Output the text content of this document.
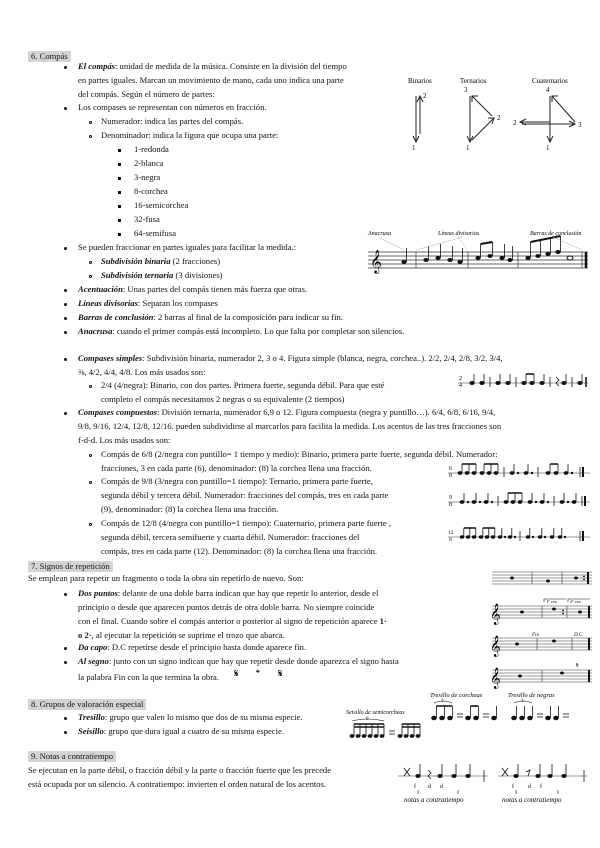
6. Compás
El compás: unidad de medida de la música. Consiste en la división del tiempo
en partes iguales. Marcan un movimiento de mano, cada uno indica una parte
del compás. Según el número de partes:
Los compases se representan con números en fracción.
Numerador: indica las partes del compás.
Denominador: indica la figura que ocupa una parte:
1-redonda
2-blanca
3-negra
8-corchea
16-semicorchea
32-fusa
64-semifusa
Se pueden fraccionar en partes iguales para facilitar la medida.:
Subdivisión binaria (2 fracciones)
Subdivisión ternaria (3 divisiones)
Acentuación: Unas partes del compás tienen más fuerza que otras.
Líneas divisorias: Separan los compases
Barras de conclusión: 2 barras al final de la composición para indicar su fin.
Anacrusa: cuando el primer compás está incompleto. Lo que falta por completar son silencios.
Compases simples: Subdivisión binaria, numerador 2, 3 o 4. Figura simple (blanca, negra, corchea..). 2/2, 2/4, 2/8, 3/2, 3/4,
⅜, 4/2, 4/4, 4/8. Los más usados son:
2/4 (4/negra): Binario, con dos partes. Primera fuerte, segunda débil. Para que esté
completo el compás necesitamos 2 negras o su equivalente (2 tiempos)
Compases compuestos: División ternaria, numerador 6,9 o 12. Figura compuesta (negra y puntillo…). 6/4, 6/8, 6/16, 9/4,
9/8, 9/16, 12/4, 12/8, 12/16. pueden subdividirse al marcarlos para facilita la medida. Los acentos de las tres fracciones son
f-d-d. Los más usados son:
Compás de 6/8 (2/negra con puntillo= 1 tiempo y medio): Binario, primera parte fuerte, segunda débil. Numerador:
fracciones, 3 en cada parte (6), denominador: (8) la corchea llena una fracción.
Compás de 9/8 (3/negra con puntillo=1 tiempo): Ternario, primera parte fuerte,
segunda débil y tercera débil. Numerador: fracciones del compás, tres en cada parte
(9), denominador: (8) la corchea llena una fracción.
Compás de 12/8 (4/negra con puntillo=1 tiempo): Cuaternario, primera parte fuerte ,
segunda débil, tercera semifuerte y cuarta débil. Numerador: fracciones del
compás, tres en cada parte (12). Denominador: (8) la corchea llena una fracción.
Binarios	Ternarios	Cuaternarios
2
1
3
2
1
4
2	3
1
Anacrusa	Líneas divisorias	Barras de conclusión
𝄞
2
4
6
8
9
8
12
8
7. Signos de repetición
Se emplean para repetir un fragmento o toda la obra sin repetirlo de nuevo. Son:
Dos puntos: delante de una doble barra indican que hay que repetir lo anterior, desde el
principio o desde que aparecen puntos detrás de otra doble barra. No siempre coincide
con el final. Cuando sobre el compás anterior o posterior al signo de repetición aparece 1·
o 2·, al ejecutar la repetición se suprime el trozo que abarca.
Da capo: D.C repetirse desde el principio hasta donde aparece fin.
Al segno: junto con un signo indican que hay que repetir desde donde aparezca el signo hasta
la palabra Fin con la que termina la obra. 𝄋 𝄌 𝄋
𝄞
𝄞
𝄞
1ª vez	2ª vez
Fin	D.C.
𝄋
8. Grupos de valoración especial
Tresillo: grupo que valen lo mismo que dos de su misma especie.
Seisillo: grupo que dura igual a cuatro de su misma especie.
Tresillo de corcheas	Tresillo de negras
Seisillo de semicorcheas
3	3
6
9. Notas a contratiempo
Se ejecutan en la parte débil, o fracción débil y la parte o fracción fuerte que les precede
está ocupada por un silencio. A contratiempo: invierten el orden natural de los acentos.	f d d	f d f
notas a contratiempo	notas a contratiempo
